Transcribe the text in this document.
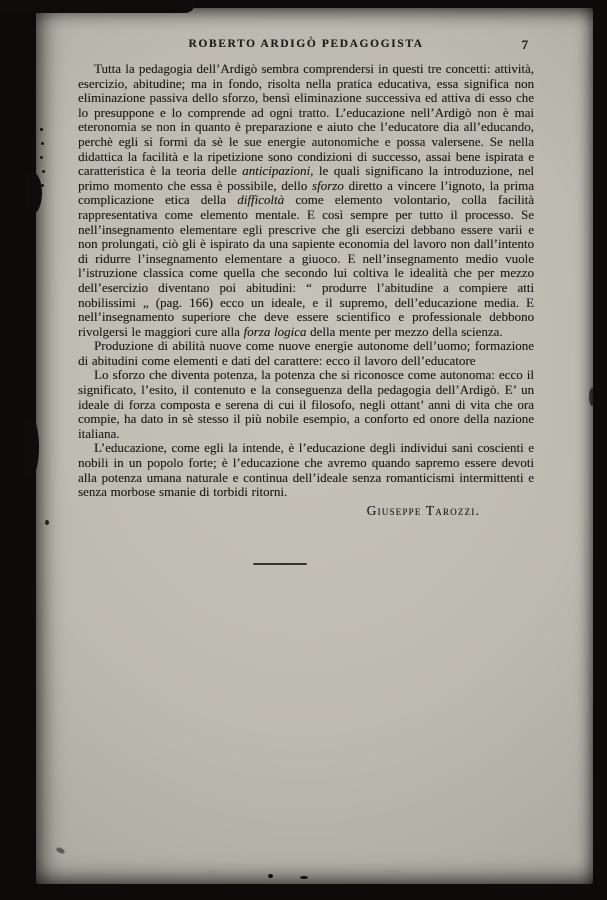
ROBERTO ARDIGÒ PEDAGOGISTA	7

Tutta la pedagogia dell’Ardigò sembra comprendersi in questi tre concetti: attività, esercizio, abitudine; ma in fondo, risolta nella pratica educativa, essa significa non eliminazione passiva dello sforzo, bensì eliminazione successiva ed attiva di esso che lo presuppone e lo comprende ad ogni tratto. L’educazione nell’Ardigò non è mai eteronomia se non in quanto è preparazione e aiuto che l’educatore dia all’educando, perchè egli si formi da sè le sue energie autonomiche e possa valersene. Se nella didattica la facilità e la ripetizione sono condizioni di successo, assai bene ispirata e caratteristica è la teoria delle anticipazioni, le quali significano la introduzione, nel primo momento che essa è possibile, dello sforzo diretto a vincere l’ignoto, la prima complicazione etica della difficoltà come elemento volontario, colla facilità rappresentativa come elemento mentale. E così sempre per tutto il processo. Se nell’insegnamento elementare egli prescrive che gli esercizi debbano essere varii e non prolungati, ciò gli è ispirato da una sapiente economia del lavoro non dall’intento di ridurre l’insegnamento elementare a giuoco. E nell’insegnamento medio vuole l’istruzione classica come quella che secondo lui coltiva le idealità che per mezzo dell’esercizio diventano poi abitudini: “ produrre l’abitudine a compiere atti nobilissimi „ (pag. 166) ecco un ideale, e il supremo, dell’educazione media. E nell’insegnamento superiore che deve essere scientifico e professionale debbono rivolgersi le maggiori cure alla forza logica della mente per mezzo della scienza.

Produzione di abilità nuove come nuove energie autonome dell’uomo; formazione di abitudini come elementi e dati del carattere: ecco il lavoro dell’educatore

Lo sforzo che diventa potenza, la potenza che si riconosce come autonoma: ecco il significato, l’esito, il contenuto e la conseguenza della pedagogia dell’Ardigò. E’ un ideale di forza composta e serena di cui il filosofo, negli ottant’ anni di vita che ora compie, ha dato in sè stesso il più nobile esempio, a conforto ed onore della nazione italiana.

L’educazione, come egli la intende, è l’educazione degli individui sani coscienti e nobili in un popolo forte; è l’educazione che avremo quando sapremo essere devoti alla potenza umana naturale e continua dell’ideale senza romanticismi intermittenti e senza morbose smanie di torbidi ritorni.

Giuseppe Tarozzi.
